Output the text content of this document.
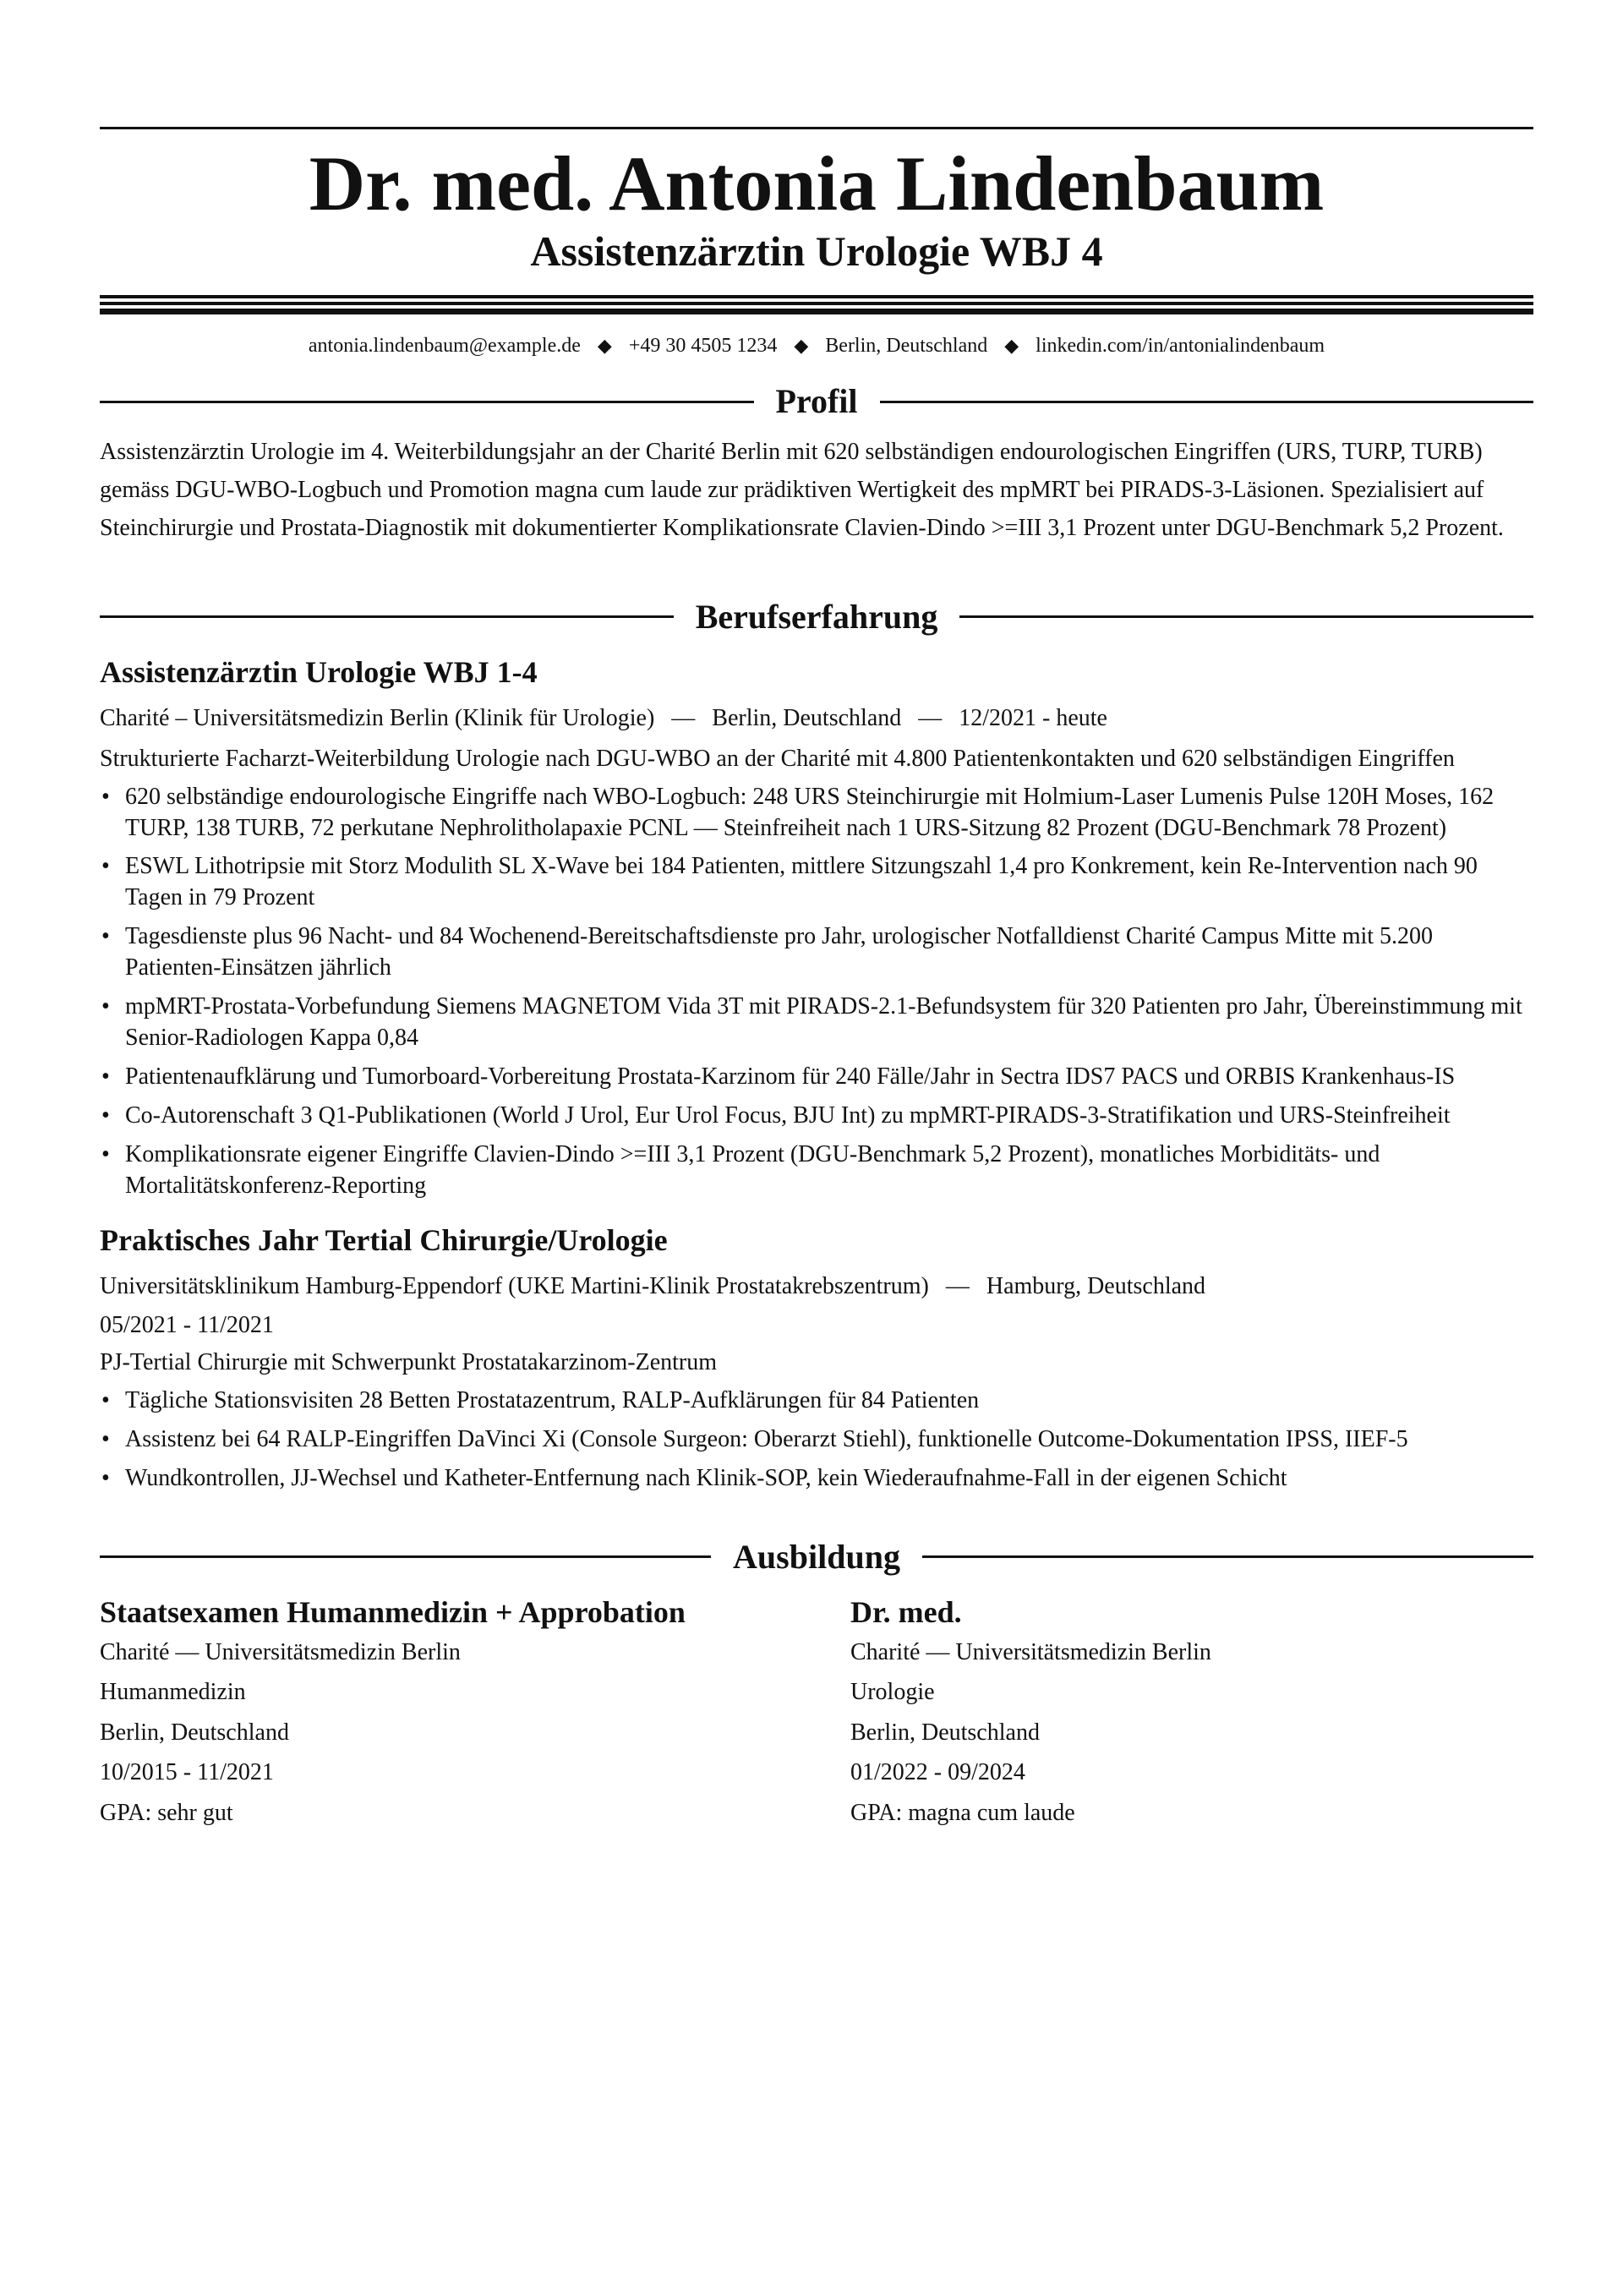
Dr. med. Antonia Lindenbaum
Assistenzärztin Urologie WBJ 4
antonia.lindenbaum@example.de ◆ +49 30 4505 1234 ◆ Berlin, Deutschland ◆ linkedin.com/in/antonialindenbaum
Profil
Assistenzärztin Urologie im 4. Weiterbildungsjahr an der Charité Berlin mit 620 selbständigen endourologischen Eingriffen (URS, TURP, TURB) gemäss DGU-WBO-Logbuch und Promotion magna cum laude zur prädiktiven Wertigkeit des mpMRT bei PIRADS-3-Läsionen. Spezialisiert auf Steinchirurgie und Prostata-Diagnostik mit dokumentierter Komplikationsrate Clavien-Dindo >=III 3,1 Prozent unter DGU-Benchmark 5,2 Prozent.
Berufserfahrung
Assistenzärztin Urologie WBJ 1-4
Charité – Universitätsmedizin Berlin (Klinik für Urologie) — Berlin, Deutschland — 12/2021 - heute
Strukturierte Facharzt-Weiterbildung Urologie nach DGU-WBO an der Charité mit 4.800 Patientenkontakten und 620 selbständigen Eingriffen
• 620 selbständige endourologische Eingriffe nach WBO-Logbuch: 248 URS Steinchirurgie mit Holmium-Laser Lumenis Pulse 120H Moses, 162 TURP, 138 TURB, 72 perkutane Nephrolitholapaxie PCNL — Steinfreiheit nach 1 URS-Sitzung 82 Prozent (DGU-Benchmark 78 Prozent)
• ESWL Lithotripsie mit Storz Modulith SL X-Wave bei 184 Patienten, mittlere Sitzungszahl 1,4 pro Konkrement, kein Re-Intervention nach 90 Tagen in 79 Prozent
• Tagesdienste plus 96 Nacht- und 84 Wochenend-Bereitschaftsdienste pro Jahr, urologischer Notfalldienst Charité Campus Mitte mit 5.200 Patienten-Einsätzen jährlich
• mpMRT-Prostata-Vorbefundung Siemens MAGNETOM Vida 3T mit PIRADS-2.1-Befundsystem für 320 Patienten pro Jahr, Übereinstimmung mit Senior-Radiologen Kappa 0,84
• Patientenaufklärung und Tumorboard-Vorbereitung Prostata-Karzinom für 240 Fälle/Jahr in Sectra IDS7 PACS und ORBIS Krankenhaus-IS
• Co-Autorenschaft 3 Q1-Publikationen (World J Urol, Eur Urol Focus, BJU Int) zu mpMRT-PIRADS-3-Stratifikation und URS-Steinfreiheit
• Komplikationsrate eigener Eingriffe Clavien-Dindo >=III 3,1 Prozent (DGU-Benchmark 5,2 Prozent), monatliches Morbiditäts- und Mortalitätskonferenz-Reporting
Praktisches Jahr Tertial Chirurgie/Urologie
Universitätsklinikum Hamburg-Eppendorf (UKE Martini-Klinik Prostatakrebszentrum) — Hamburg, Deutschland
05/2021 - 11/2021
PJ-Tertial Chirurgie mit Schwerpunkt Prostatakarzinom-Zentrum
• Tägliche Stationsvisiten 28 Betten Prostatazentrum, RALP-Aufklärungen für 84 Patienten
• Assistenz bei 64 RALP-Eingriffen DaVinci Xi (Console Surgeon: Oberarzt Stiehl), funktionelle Outcome-Dokumentation IPSS, IIEF-5
• Wundkontrollen, JJ-Wechsel und Katheter-Entfernung nach Klinik-SOP, kein Wiederaufnahme-Fall in der eigenen Schicht
Ausbildung
Staatsexamen Humanmedizin + Approbation
Charité — Universitätsmedizin Berlin
Humanmedizin
Berlin, Deutschland
10/2015 - 11/2021
GPA: sehr gut
Dr. med.
Charité — Universitätsmedizin Berlin
Urologie
Berlin, Deutschland
01/2022 - 09/2024
GPA: magna cum laude
